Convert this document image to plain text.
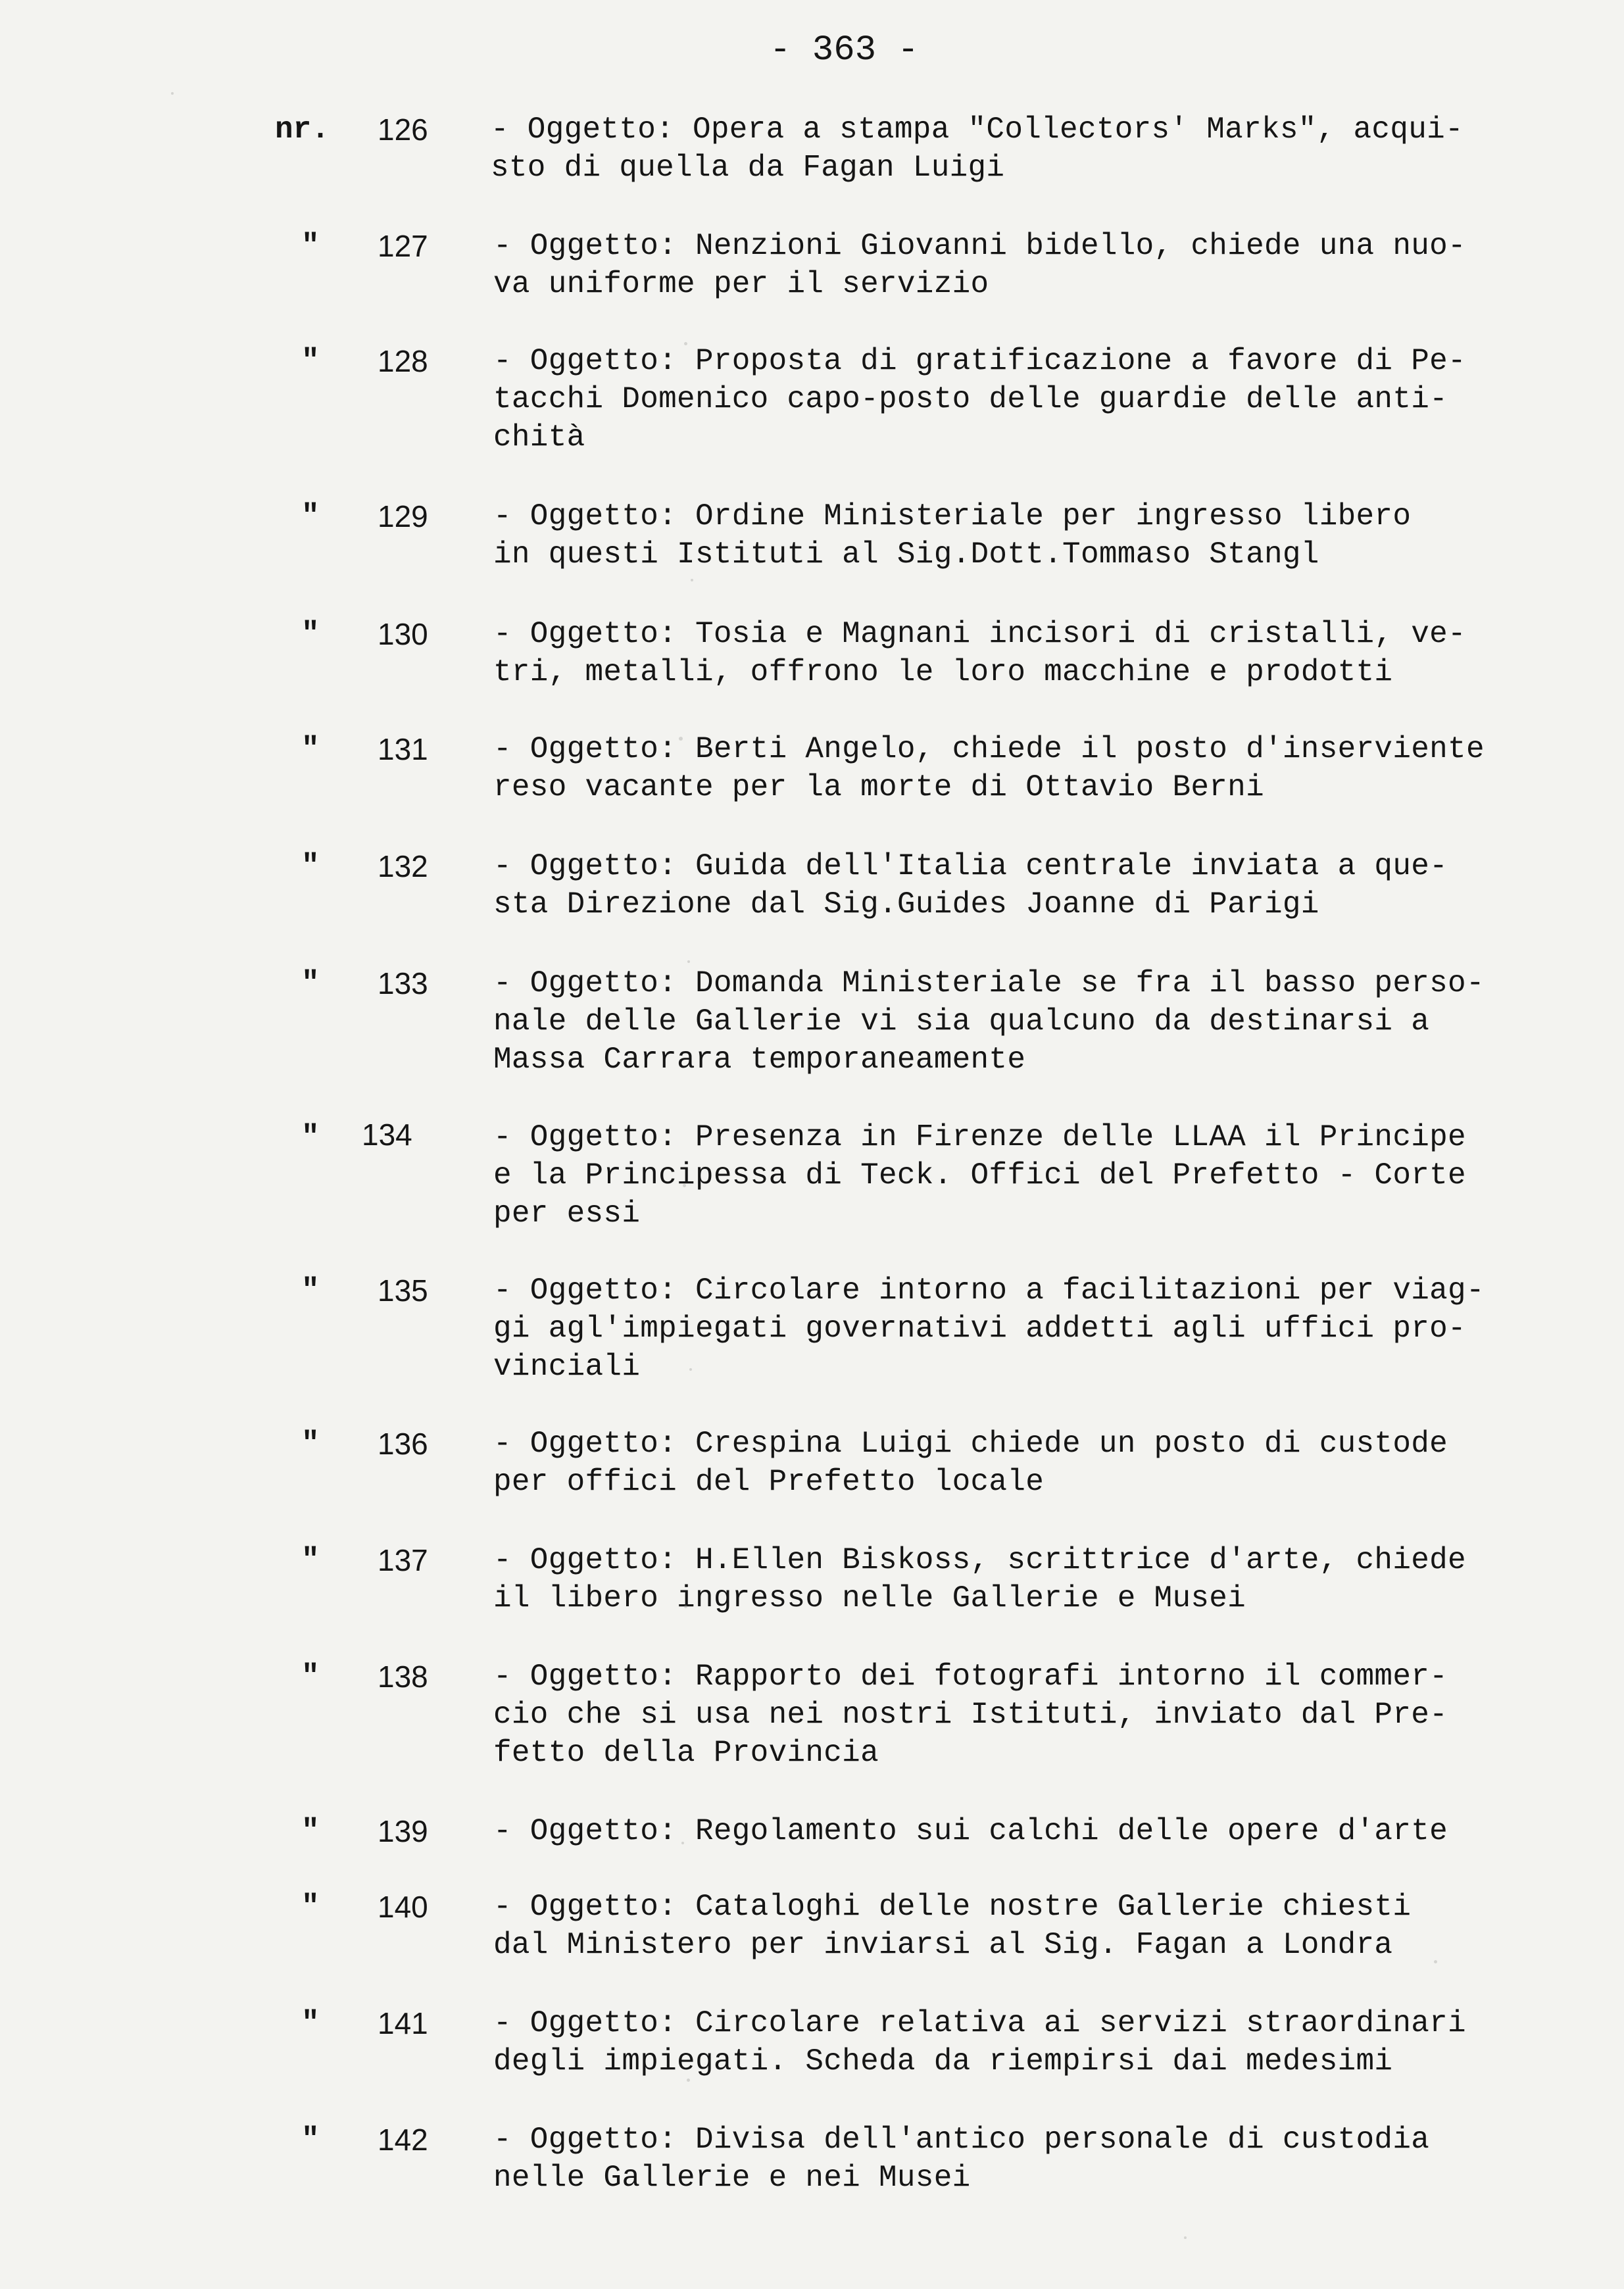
- 363 -
nr. 126 - Oggetto: Opera a stampa "Collectors' Marks", acqui-
sto di quella da Fagan Luigi
" 127 - Oggetto: Nenzioni Giovanni bidello, chiede una nuo-
va uniforme per il servizio
" 128 - Oggetto: Proposta di gratificazione a favore di Pe-
tacchi Domenico capo-posto delle guardie delle anti-
chità
" 129 - Oggetto: Ordine Ministeriale per ingresso libero
in questi Istituti al Sig.Dott.Tommaso Stangl
" 130 - Oggetto: Tosia e Magnani incisori di cristalli, ve-
tri, metalli, offrono le loro macchine e prodotti
" 131 - Oggetto: Berti Angelo, chiede il posto d'inserviente
reso vacante per la morte di Ottavio Berni
" 132 - Oggetto: Guida dell'Italia centrale inviata a que-
sta Direzione dal Sig.Guides Joanne di Parigi
" 133 - Oggetto: Domanda Ministeriale se fra il basso perso-
nale delle Gallerie vi sia qualcuno da destinarsi a
Massa Carrara temporaneamente
" 134	- Oggetto: Presenza in Firenze delle LLAA il Principe
e la Principessa di Teck. Offici del Prefetto - Corte
per essi
" 135 - Oggetto: Circolare intorno a facilitazioni per viag-
gi agl'impiegati governativi addetti agli uffici pro-
vinciali
" 136 - Oggetto: Crespina Luigi chiede un posto di custode
per offici del Prefetto locale
" 137 - Oggetto: H.Ellen Biskoss, scrittrice d'arte, chiede
il libero ingresso nelle Gallerie e Musei
" 138 - Oggetto: Rapporto dei fotografi intorno il commer-
cio che si usa nei nostri Istituti, inviato dal Pre-
fetto della Provincia
" 139 - Oggetto: Regolamento sui calchi delle opere d'arte
" 140 - Oggetto: Cataloghi delle nostre Gallerie chiesti
dal Ministero per inviarsi al Sig. Fagan a Londra
" 141 - Oggetto: Circolare relativa ai servizi straordinari
degli impiegati. Scheda da riempirsi dai medesimi
" 142 - Oggetto: Divisa dell'antico personale di custodia
nelle Gallerie e nei Musei
